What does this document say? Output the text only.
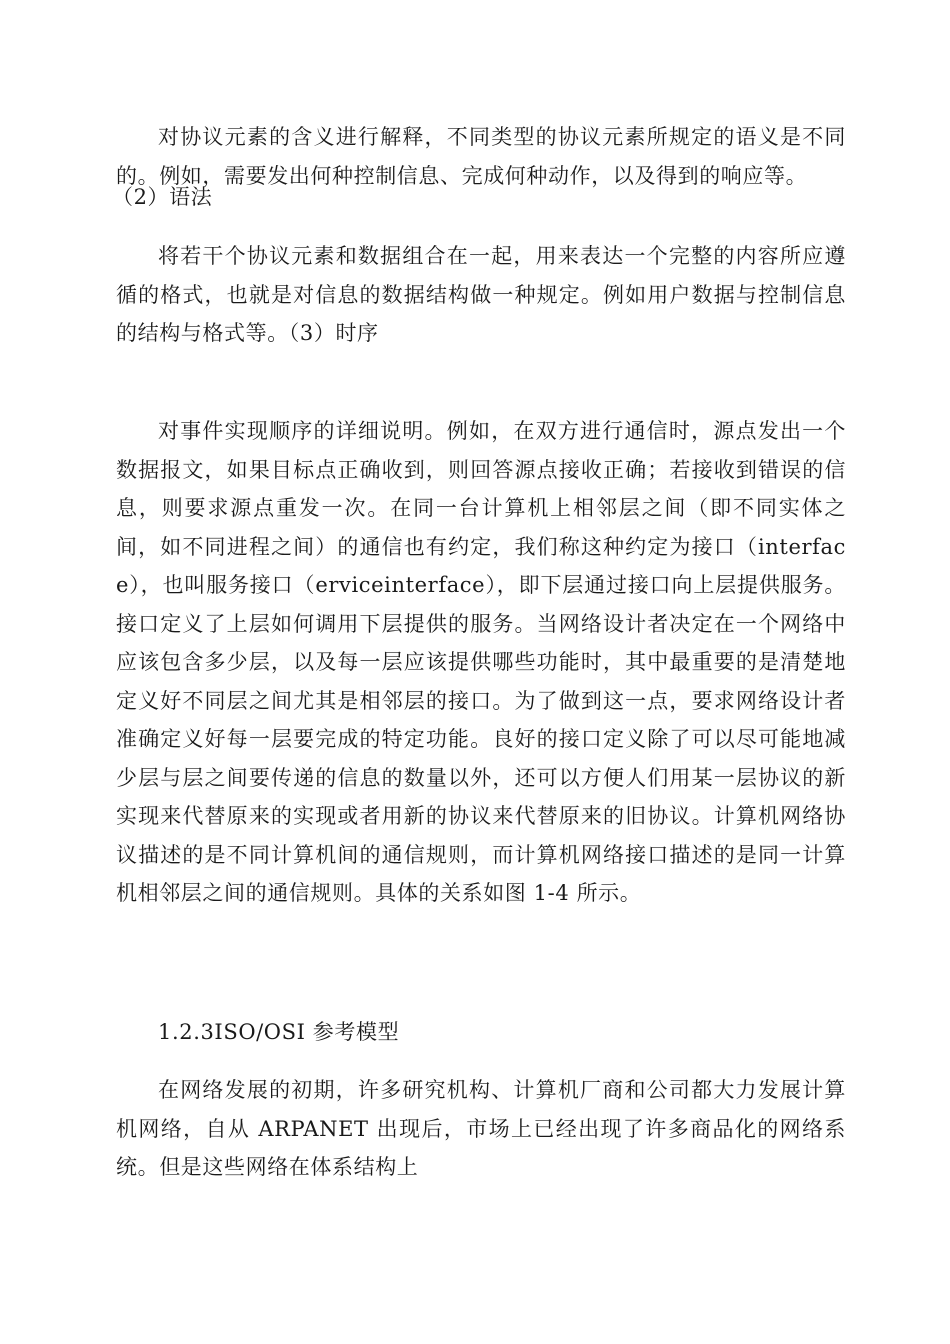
对协议元素的含义进行解释，不同类型的协议元素所规定的语义是不同的。例如，需要发出何种控制信息、完成何种动作，以及得到的响应等。

（2）语法

将若干个协议元素和数据组合在一起，用来表达一个完整的内容所应遵循的格式，也就是对信息的数据结构做一种规定。例如用户数据与控制信息的结构与格式等。（3）时序

对事件实现顺序的详细说明。例如，在双方进行通信时，源点发出一个数据报文，如果目标点正确收到，则回答源点接收正确；若接收到错误的信息，则要求源点重发一次。在同一台计算机上相邻层之间（即不同实体之间，如不同进程之间）的通信也有约定，我们称这种约定为接口（interface），也叫服务接口（erviceinterface），即下层通过接口向上层提供服务。接口定义了上层如何调用下层提供的服务。当网络设计者决定在一个网络中应该包含多少层，以及每一层应该提供哪些功能时，其中最重要的是清楚地定义好不同层之间尤其是相邻层的接口。为了做到这一点，要求网络设计者准确定义好每一层要完成的特定功能。良好的接口定义除了可以尽可能地减少层与层之间要传递的信息的数量以外，还可以方便人们用某一层协议的新实现来代替原来的实现或者用新的协议来代替原来的旧协议。计算机网络协议描述的是不同计算机间的通信规则，而计算机网络接口描述的是同一计算机相邻层之间的通信规则。具体的关系如图 1-4 所示。

1.2.3ISO/OSI 参考模型

在网络发展的初期，许多研究机构、计算机厂商和公司都大力发展计算机网络，自从 ARPANET 出现后，市场上已经出现了许多商品化的网络系统。但是这些网络在体系结构上
